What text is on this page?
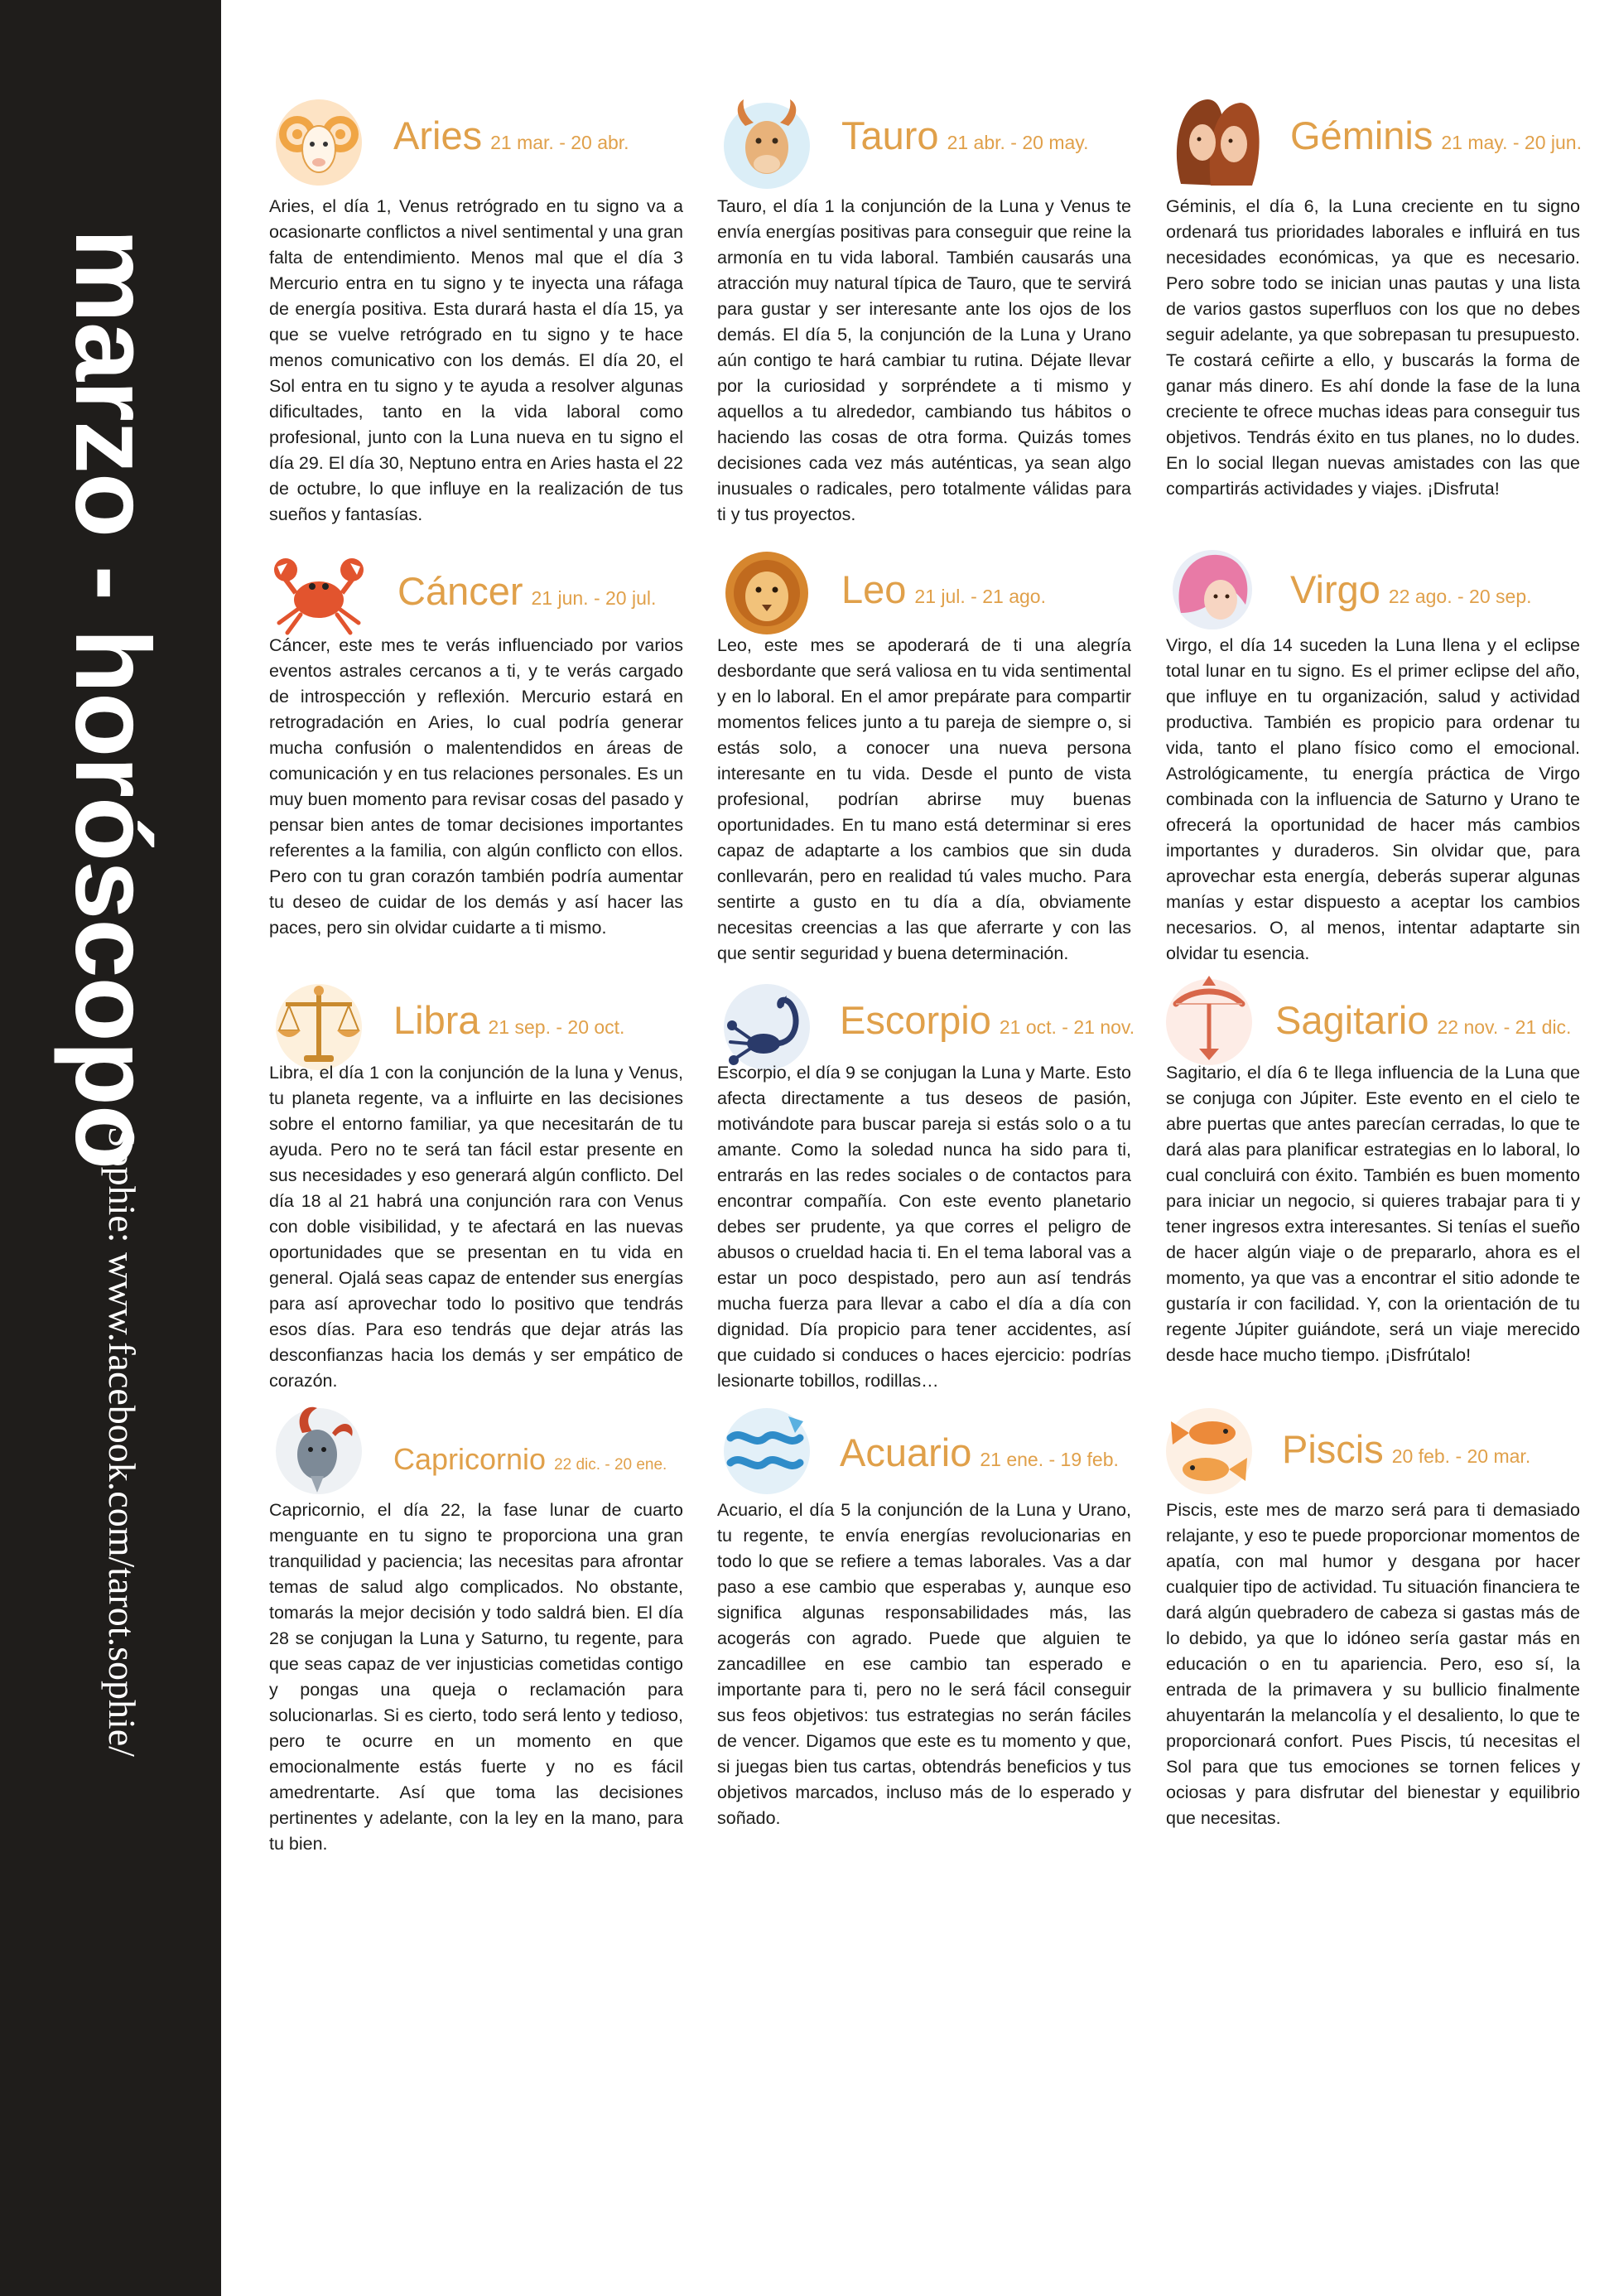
marzo - horóscopo
Sophie: www.facebook.com/tarot.sophie/
Aries 21 mar. - 20 abr.

Aries, el día 1, Venus retrógrado en tu signo va a ocasionarte conflictos a nivel sentimental y una gran falta de entendimiento. Menos mal que el día 3 Mercurio entra en tu signo y te inyecta una ráfaga de energía positiva. Esta durará hasta el día 15, ya que se vuelve retrógrado en tu signo y te hace menos comunicativo con los demás. El día 20, el Sol entra en tu signo y te ayuda a resolver algunas dificultades, tanto en la vida laboral como profesional, junto con la Luna nueva en tu signo el día 29. El día 30, Neptuno entra en Aries hasta el 22 de octubre, lo que influye en la realización de tus sueños y fantasías.

Tauro 21 abr. - 20 may.

Tauro, el día 1 la conjunción de la Luna y Venus te envía energías positivas para conseguir que reine la armonía en tu vida laboral. También causarás una atracción muy natural típica de Tauro, que te servirá para gustar y ser interesante ante los ojos de los demás. El día 5, la conjunción de la Luna y Urano aún contigo te hará cambiar tu rutina. Déjate llevar por la curiosidad y sorpréndete a ti mismo y aquellos a tu alrededor, cambiando tus hábitos o haciendo las cosas de otra forma. Quizás tomes decisiones cada vez más auténticas, ya sean algo inusuales o radicales, pero totalmente válidas para ti y tus proyectos.

Géminis 21 may. - 20 jun.

Géminis, el día 6, la Luna creciente en tu signo ordenará tus prioridades laborales e influirá en tus necesidades económicas, ya que es necesario. Pero sobre todo se inician unas pautas y una lista de varios gastos superfluos con los que no debes seguir adelante, ya que sobrepasan tu presupuesto. Te costará ceñirte a ello, y buscarás la forma de ganar más dinero. Es ahí donde la fase de la luna creciente te ofrece muchas ideas para conseguir tus objetivos. Tendrás éxito en tus planes, no lo dudes. En lo social llegan nuevas amistades con las que compartirás actividades y viajes. ¡Disfruta!

Cáncer 21 jun. - 20 jul.

Cáncer, este mes te verás influenciado por varios eventos astrales cercanos a ti, y te verás cargado de introspección y reflexión. Mercurio estará en retrogradación en Aries, lo cual podría generar mucha confusión o malentendidos en áreas de comunicación y en tus relaciones personales. Es un muy buen momento para revisar cosas del pasado y pensar bien antes de tomar decisiones importantes referentes a la familia, con algún conflicto con ellos. Pero con tu gran corazón también podría aumentar tu deseo de cuidar de los demás y así hacer las paces, pero sin olvidar cuidarte a ti mismo.

Leo 21 jul. - 21 ago.

Leo, este mes se apoderará de ti una alegría desbordante que será valiosa en tu vida sentimental y en lo laboral. En el amor prepárate para compartir momentos felices junto a tu pareja de siempre o, si estás solo, a conocer una nueva persona interesante en tu vida. Desde el punto de vista profesional, podrían abrirse muy buenas oportunidades. En tu mano está determinar si eres capaz de adaptarte a los cambios que sin duda conllevarán, pero en realidad tú vales mucho. Para sentirte a gusto en tu día a día, obviamente necesitas creencias a las que aferrarte y con las que sentir seguridad y buena determinación.

Virgo 22 ago. - 20 sep.

Virgo, el día 14 suceden la Luna llena y el eclipse total lunar en tu signo. Es el primer eclipse del año, que influye en tu organización, salud y actividad productiva. También es propicio para ordenar tu vida, tanto el plano físico como el emocional. Astrológicamente, tu energía práctica de Virgo combinada con la influencia de Saturno y Urano te ofrecerá la oportunidad de hacer más cambios importantes y duraderos. Sin olvidar que, para aprovechar esta energía, deberás superar algunas manías y estar dispuesto a aceptar los cambios necesarios. O, al menos, intentar adaptarte sin olvidar tu esencia.

Libra 21 sep. - 20 oct.

Libra, el día 1 con la conjunción de la luna y Venus, tu planeta regente, va a influirte en las decisiones sobre el entorno familiar, ya que necesitarán de tu ayuda. Pero no te será tan fácil estar presente en sus necesidades y eso generará algún conflicto. Del día 18 al 21 habrá una conjunción rara con Venus con doble visibilidad, y te afectará en las nuevas oportunidades que se presentan en tu vida en general. Ojalá seas capaz de entender sus energías para así aprovechar todo lo positivo que tendrás esos días. Para eso tendrás que dejar atrás las desconfianzas hacia los demás y ser empático de corazón.

Escorpio 21 oct. - 21 nov.

Escorpio, el día 9 se conjugan la Luna y Marte. Esto afecta directamente a tus deseos de pasión, motivándote para buscar pareja si estás solo o a tu amante. Como la soledad nunca ha sido para ti, entrarás en las redes sociales o de contactos para encontrar compañía. Con este evento planetario debes ser prudente, ya que corres el peligro de abusos o crueldad hacia ti. En el tema laboral vas a estar un poco despistado, pero aun así tendrás mucha fuerza para llevar a cabo el día a día con dignidad. Día propicio para tener accidentes, así que cuidado si conduces o haces ejercicio: podrías lesionarte tobillos, rodillas…

Sagitario 22 nov. - 21 dic.

Sagitario, el día 6 te llega influencia de la Luna que se conjuga con Júpiter. Este evento en el cielo te abre puertas que antes parecían cerradas, lo que te dará alas para planificar estrategias en lo laboral, lo cual concluirá con éxito. También es buen momento para iniciar un negocio, si quieres trabajar para ti y tener ingresos extra interesantes. Si tenías el sueño de hacer algún viaje o de prepararlo, ahora es el momento, ya que vas a encontrar el sitio adonde te gustaría ir con facilidad. Y, con la orientación de tu regente Júpiter guiándote, será un viaje merecido desde hace mucho tiempo. ¡Disfrútalo!

Capricornio 22 dic. - 20 ene.

Capricornio, el día 22, la fase lunar de cuarto menguante en tu signo te proporciona una gran tranquilidad y paciencia; las necesitas para afrontar temas de salud algo complicados. No obstante, tomarás la mejor decisión y todo saldrá bien. El día 28 se conjugan la Luna y Saturno, tu regente, para que seas capaz de ver injusticias cometidas contigo y pongas una queja o reclamación para solucionarlas. Si es cierto, todo será lento y tedioso, pero te ocurre en un momento en que emocionalmente estás fuerte y no es fácil amedrentarte. Así que toma las decisiones pertinentes y adelante, con la ley en la mano, para tu bien.

Acuario 21 ene. - 19 feb.

Acuario, el día 5 la conjunción de la Luna y Urano, tu regente, te envía energías revolucionarias en todo lo que se refiere a temas laborales. Vas a dar paso a ese cambio que esperabas y, aunque eso significa algunas responsabilidades más, las acogerás con agrado. Puede que alguien te zancadillee en ese cambio tan esperado e importante para ti, pero no le será fácil conseguir sus feos objetivos: tus estrategias no serán fáciles de vencer. Digamos que este es tu momento y que, si juegas bien tus cartas, obtendrás beneficios y tus objetivos marcados, incluso más de lo esperado y soñado.

Piscis 20 feb. - 20 mar.

Piscis, este mes de marzo será para ti demasiado relajante, y eso te puede proporcionar momentos de apatía, con mal humor y desgana por hacer cualquier tipo de actividad. Tu situación financiera te dará algún quebradero de cabeza si gastas más de lo debido, ya que lo idóneo sería gastar más en educación o en tu apariencia. Pero, eso sí, la entrada de la primavera y su bullicio finalmente ahuyentarán la melancolía y el desaliento, lo que te proporcionará confort. Pues Piscis, tú necesitas el Sol para que tus emociones se tornen felices y ociosas y para disfrutar del bienestar y equilibrio que necesitas.
